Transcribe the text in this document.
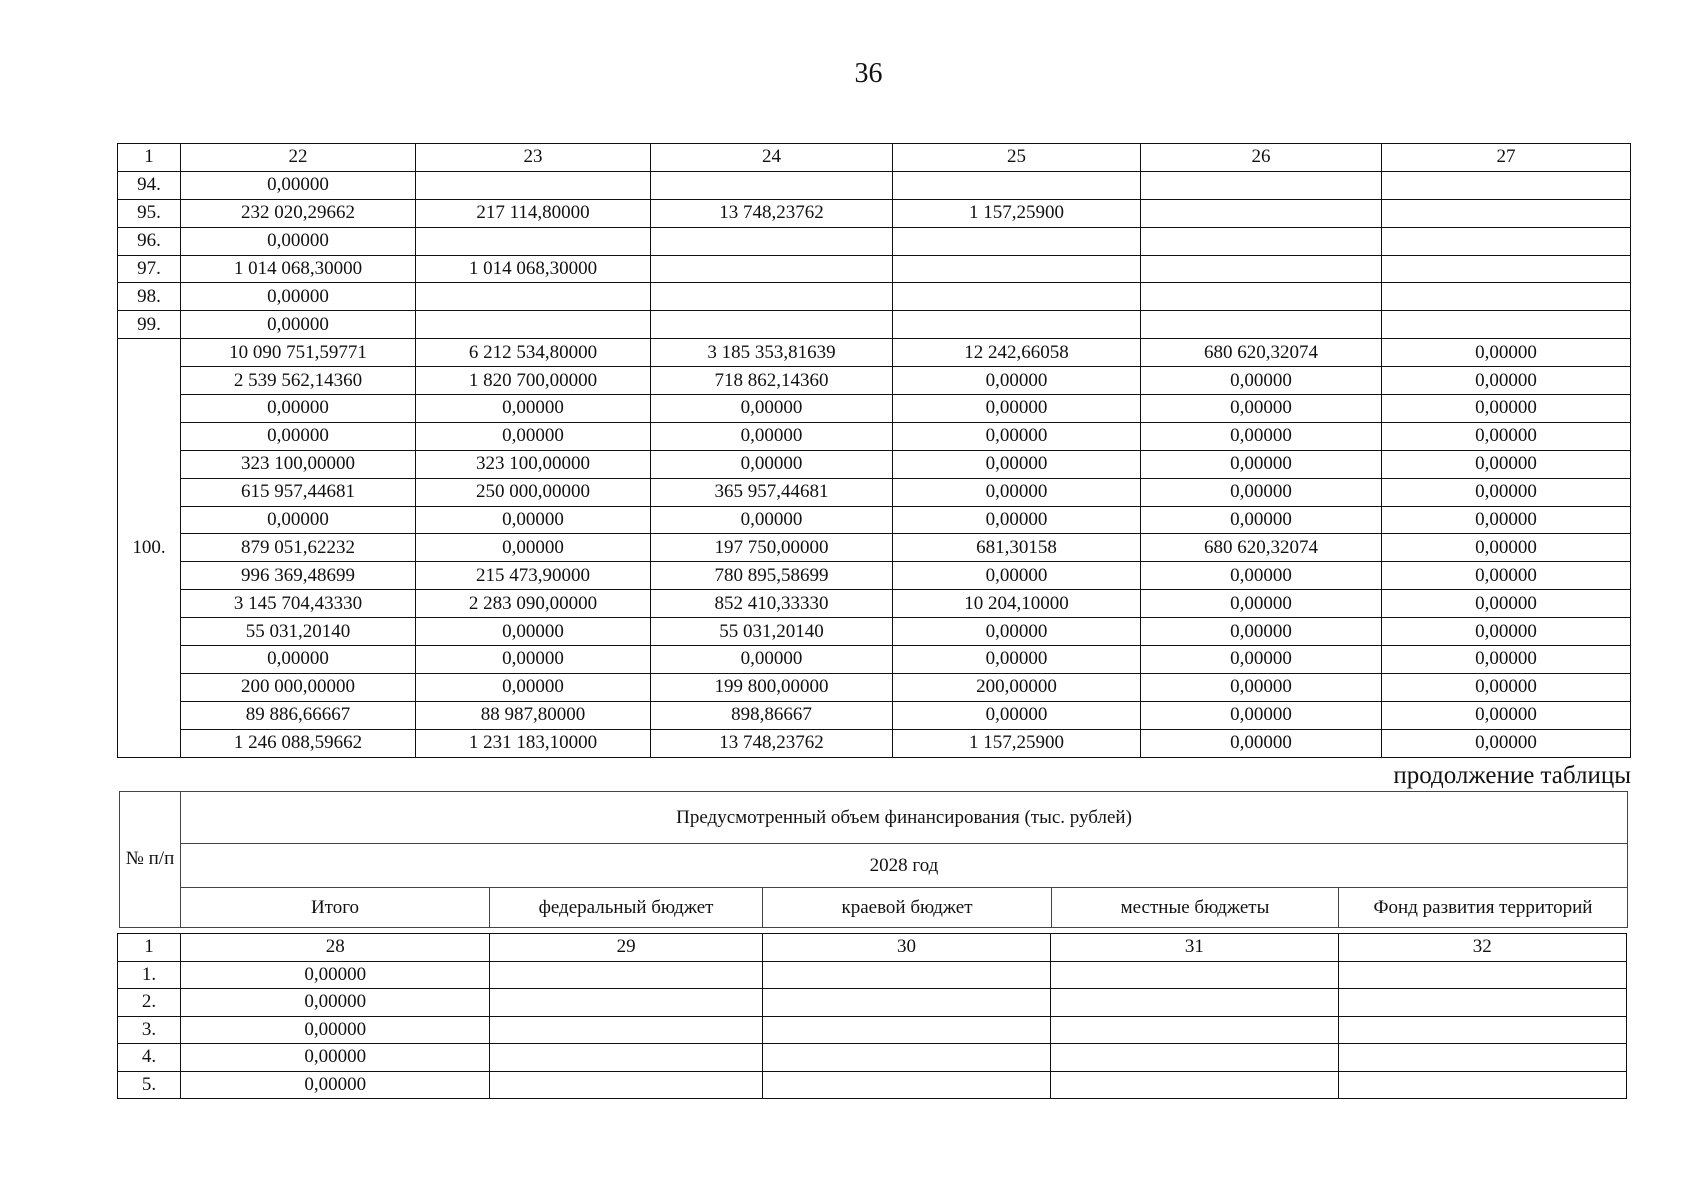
36
1	22	23	24	25	26	27
94.	0,00000					
95.	232 020,29662	217 114,80000	13 748,23762	1 157,25900		
96.	0,00000					
97.	1 014 068,30000	1 014 068,30000				
98.	0,00000					
99.	0,00000					
100.	10 090 751,59771	6 212 534,80000	3 185 353,81639	12 242,66058	680 620,32074	0,00000
	2 539 562,14360	1 820 700,00000	718 862,14360	0,00000	0,00000	0,00000
	0,00000	0,00000	0,00000	0,00000	0,00000	0,00000
	0,00000	0,00000	0,00000	0,00000	0,00000	0,00000
	323 100,00000	323 100,00000	0,00000	0,00000	0,00000	0,00000
	615 957,44681	250 000,00000	365 957,44681	0,00000	0,00000	0,00000
	0,00000	0,00000	0,00000	0,00000	0,00000	0,00000
	879 051,62232	0,00000	197 750,00000	681,30158	680 620,32074	0,00000
	996 369,48699	215 473,90000	780 895,58699	0,00000	0,00000	0,00000
	3 145 704,43330	2 283 090,00000	852 410,33330	10 204,10000	0,00000	0,00000
	55 031,20140	0,00000	55 031,20140	0,00000	0,00000	0,00000
	0,00000	0,00000	0,00000	0,00000	0,00000	0,00000
	200 000,00000	0,00000	199 800,00000	200,00000	0,00000	0,00000
	89 886,66667	88 987,80000	898,86667	0,00000	0,00000	0,00000
	1 246 088,59662	1 231 183,10000	13 748,23762	1 157,25900	0,00000	0,00000
продолжение таблицы
№ п/п	Предусмотренный объем финансирования (тыс. рублей)				
	2028 год				
	Итого	федеральный бюджет	краевой бюджет	местные бюджеты	Фонд развития территорий
1	28	29	30	31	32
1.	0,00000				
2.	0,00000				
3.	0,00000				
4.	0,00000				
5.	0,00000				
